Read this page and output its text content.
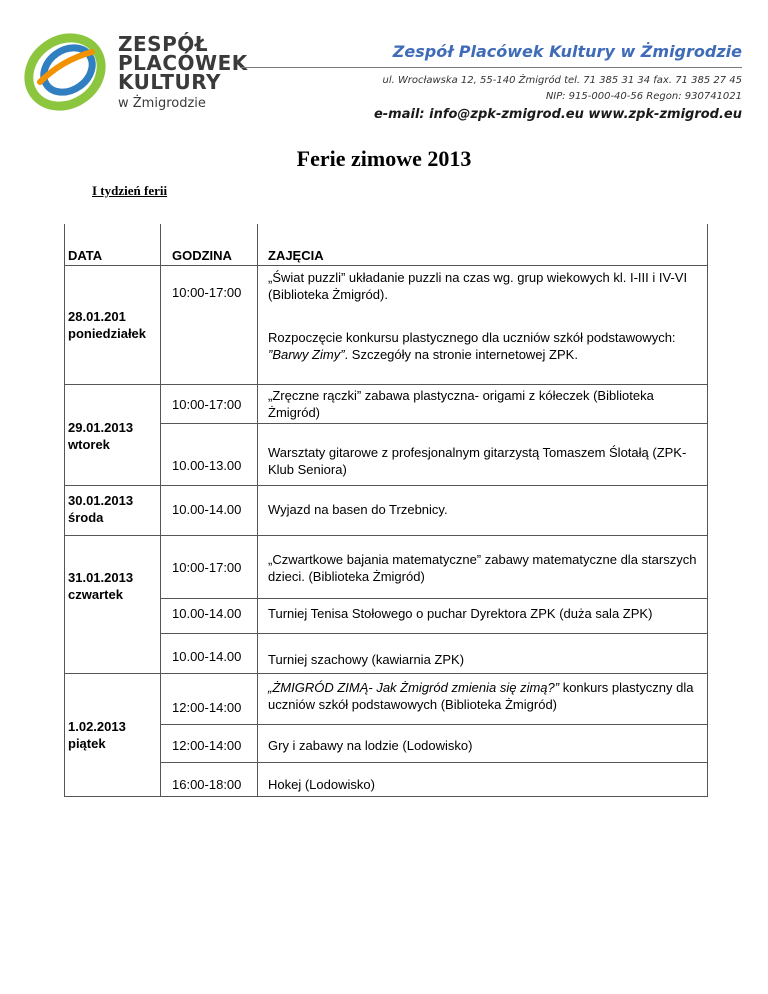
ZESPÓŁ
PLACÓWEK
KULTURY
w Żmigrodzie
Zespół Placówek Kultury w Żmigrodzie
ul. Wrocławska 12, 55-140 Żmigród tel. 71 385 31 34 fax. 71 385 27 45
NIP: 915-000-40-56 Regon: 930741021
e-mail: info@zpk-zmigrod.eu www.zpk-zmigrod.eu
Ferie zimowe 2013
I tydzień ferii
DATA	GODZINA	ZAJĘCIA
28.01.201
poniedziałek
10:00-17:00
„Świat puzzli” układanie puzzli na czas wg. grup wiekowych kl. I-III i IV-VI (Biblioteka Żmigród).
Rozpoczęcie konkursu plastycznego dla uczniów szkół podstawowych: ”Barwy Zimy”. Szczegóły na stronie internetowej ZPK.
29.01.2013
wtorek
10:00-17:00
„Zręczne rączki” zabawa plastyczna- origami z kółeczek (Biblioteka Żmigród)
10.00-13.00
Warsztaty gitarowe z profesjonalnym gitarzystą Tomaszem Ślotałą (ZPK- Klub Seniora)
30.01.2013
środa
10.00-14.00 Wyjazd na basen do Trzebnicy.
31.01.2013
czwartek
10:00-17:00
„Czwartkowe bajania matematyczne” zabawy matematyczne dla starszych dzieci. (Biblioteka Żmigród)
10.00-14.00 Turniej Tenisa Stołowego o puchar Dyrektora ZPK (duża sala ZPK)
10.00-14.00 Turniej szachowy (kawiarnia ZPK)
1.02.2013
piątek
12:00-14:00
„ŻMIGRÓD ZIMĄ- Jak Żmigród zmienia się zimą?” konkurs plastyczny dla uczniów szkół podstawowych (Biblioteka Żmigród)
12:00-14:00 Gry i zabawy na lodzie (Lodowisko)
16:00-18:00 Hokej (Lodowisko)
